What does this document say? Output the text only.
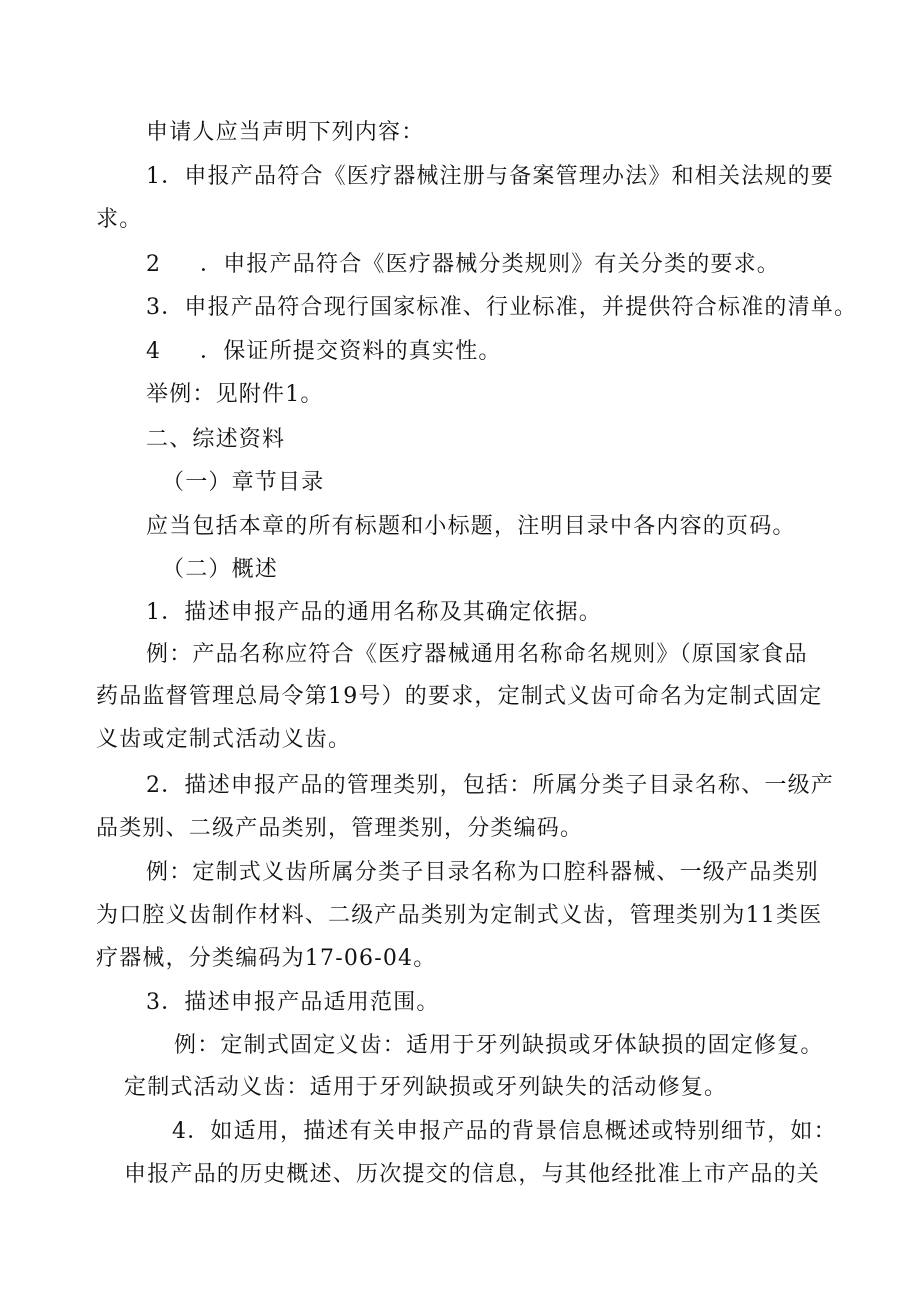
申请人应当声明下列内容：

1．申报产品符合《医疗器械注册与备案管理办法》和相关法规的要

求。

2 ．申报产品符合《医疗器械分类规则》有关分类的要求。

3．申报产品符合现行国家标准、行业标准，并提供符合标准的清单。

4 ．保证所提交资料的真实性。

举例：见附件1。

二、综述资料

（一）章节目录

应当包括本章的所有标题和小标题，注明目录中各内容的页码。

（二）概述

1．描述申报产品的通用名称及其确定依据。

例：产品名称应符合《医疗器械通用名称命名规则》（原国家食品

药品监督管理总局令第19号）的要求，定制式义齿可命名为定制式固定

义齿或定制式活动义齿。

2．描述申报产品的管理类别，包括：所属分类子目录名称、一级产

品类别、二级产品类别，管理类别，分类编码。

例：定制式义齿所属分类子目录名称为口腔科器械、一级产品类别

为口腔义齿制作材料、二级产品类别为定制式义齿，管理类别为11类医

疗器械，分类编码为17-06-04。

3．描述申报产品适用范围。

例：定制式固定义齿：适用于牙列缺损或牙体缺损的固定修复。

定制式活动义齿：适用于牙列缺损或牙列缺失的活动修复。

4．如适用，描述有关申报产品的背景信息概述或特别细节，如：

申报产品的历史概述、历次提交的信息，与其他经批准上市产品的关
